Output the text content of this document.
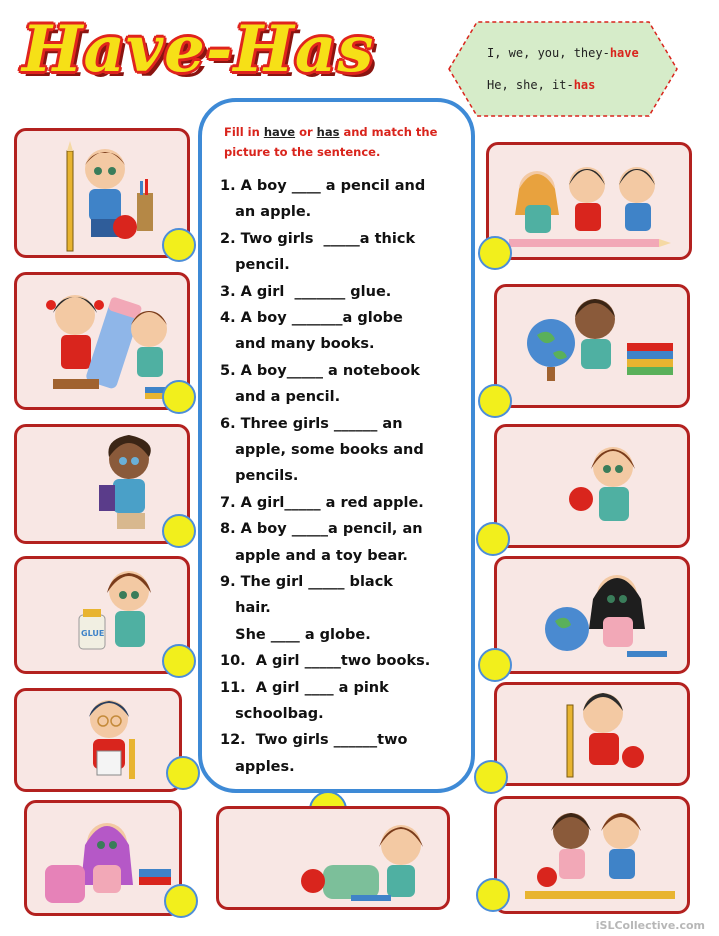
Have-Has	I, we, you, they-have
He, she, it-has
Fill in have or has and match the picture to the sentence.
1. A boy ____ a pencil and
an apple.
2. Two girls  _____a thick
pencil.
3. A girl  _______ glue.
4. A boy _______a globe
and many books.
5. A boy_____ a notebook
and a pencil.
6. Three girls ______ an
apple, some books and
pencils.
7. A girl_____ a red apple.
8. A boy _____a pencil, an
apple and a toy bear.
9. The girl _____ black
hair.
She ____ a globe.
10.  A girl _____two books.
11.  A girl ____ a pink
schoolbag.
12.  Two girls ______two
apples.
GLUE
iSLCollective.com
